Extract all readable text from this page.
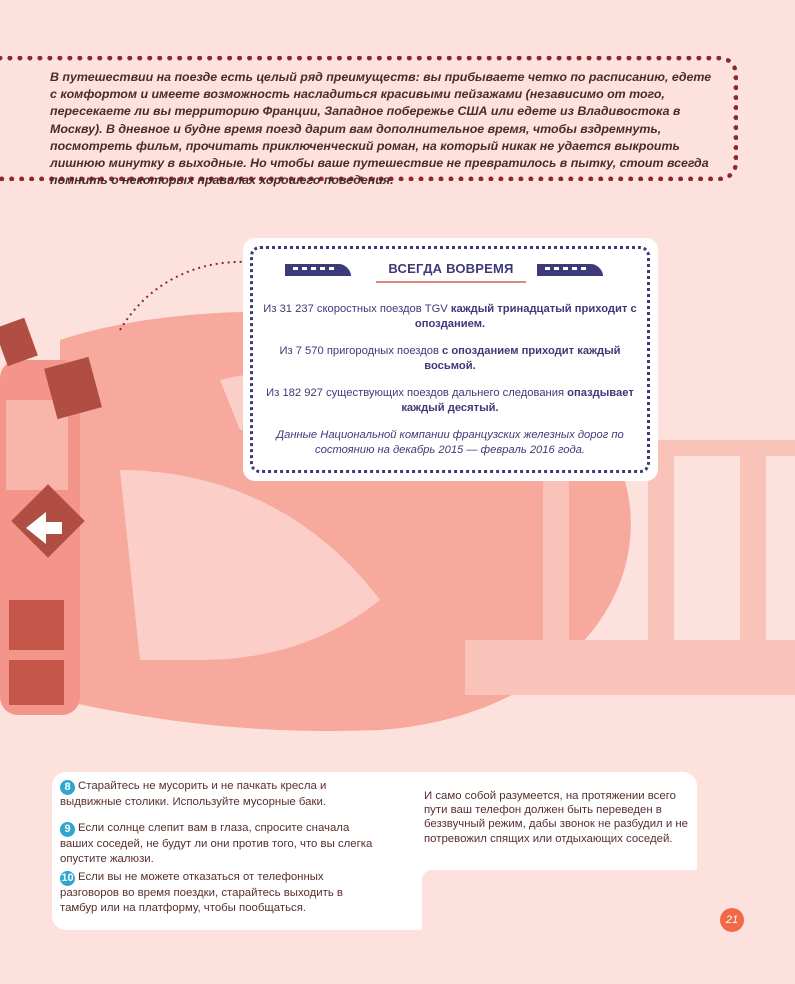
В путешествии на поезде есть целый ряд преимуществ: вы прибываете четко по расписанию, едете с комфортом и имеете возможность насладиться красивыми пейзажами (независимо от того, пересекаете ли вы территорию Франции, Западное побережье США или едете из Владивостока в Москву). В дневное и будне время поезд дарит вам дополнительное время, чтобы вздремнуть, посмотреть фильм, прочитать приключенческий роман, на который никак не удается выкроить лишнюю минутку в выходные. Но чтобы ваше путешествие не превратилось в пытку, стоит всегда помнить о некоторых правилах хорошего поведения.
ВСЕГДА ВОВРЕМЯ
Из 31 237 скоростных поездов TGV каждый тринадцатый приходит с опозданием.
Из 7 570 пригородных поездов с опозданием приходит каждый восьмой.
Из 182 927 существующих поездов дальнего следования опаздывает каждый десятый.
Данные Национальной компании французских железных дорог по состоянию на декабрь 2015 — февраль 2016 года.
8 Старайтесь не мусорить и не пачкать кресла и выдвижные столики. Используйте мусорные баки.
9 Если солнце слепит вам в глаза, спросите сначала ваших соседей, не будут ли они против того, что вы слегка опустите жалюзи.
10 Если вы не можете отказаться от телефонных разговоров во время поездки, старайтесь выходить в тамбур или на платформу, чтобы пообщаться.
И само собой разумеется, на протяжении всего пути ваш телефон должен быть переведен в беззвучный режим, дабы звонок не разбудил и не потревожил спящих или отдыхающих соседей.
21
